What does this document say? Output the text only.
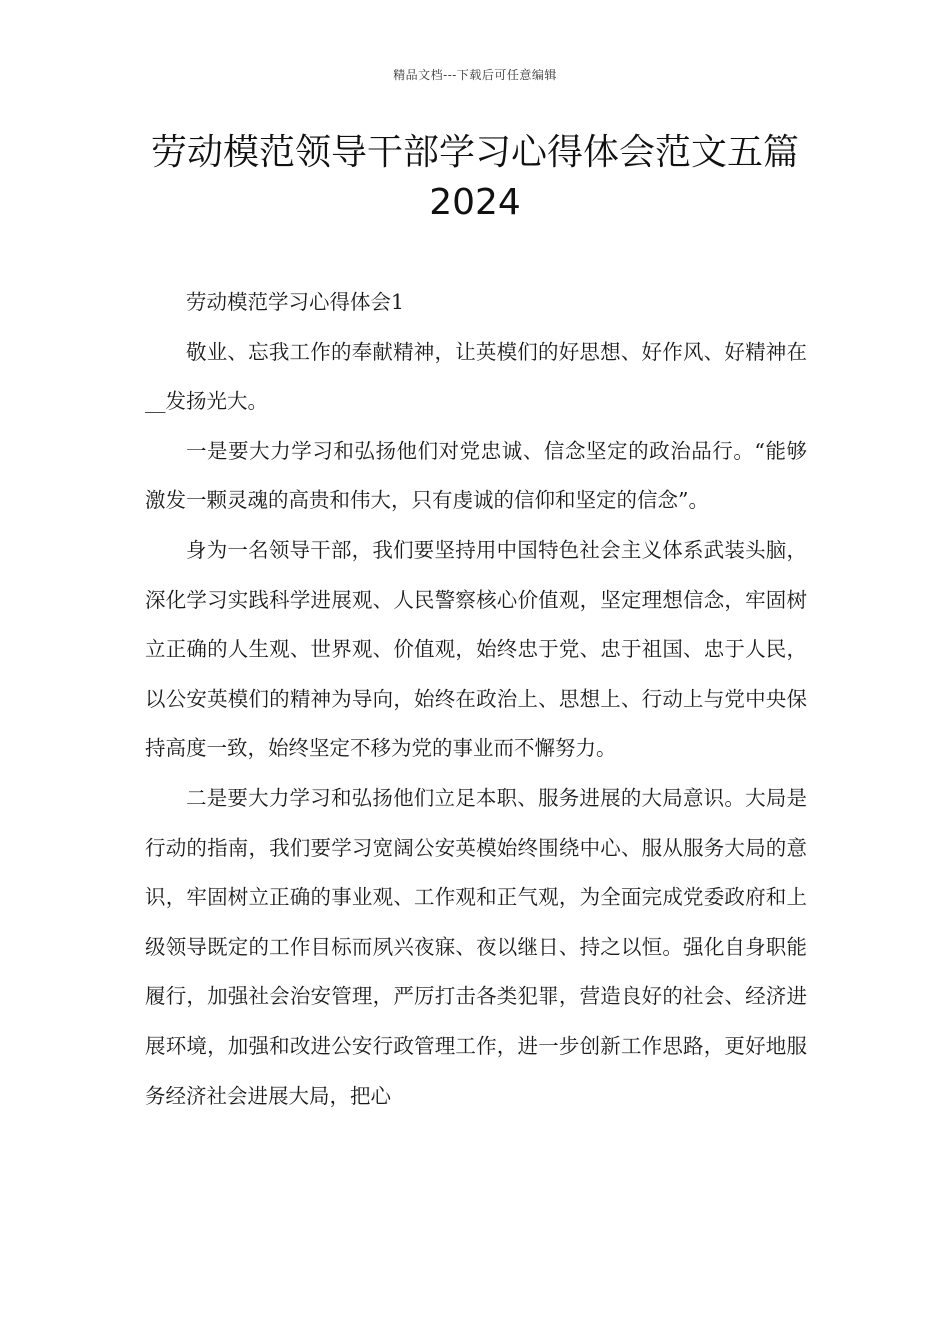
精品文档---下载后可任意编辑
劳动模范领导干部学习心得体会范文五篇2024

劳动模范学习心得体会1

敬业、忘我工作的奉献精神，让英模们的好思想、好作风、好精神在__发扬光大。

一是要大力学习和弘扬他们对党忠诚、信念坚定的政治品行。“能够激发一颗灵魂的高贵和伟大，只有虔诚的信仰和坚定的信念”。

身为一名领导干部，我们要坚持用中国特色社会主义体系武装头脑，深化学习实践科学进展观、人民警察核心价值观，坚定理想信念，牢固树立正确的人生观、世界观、价值观，始终忠于党、忠于祖国、忠于人民，以公安英模们的精神为导向，始终在政治上、思想上、行动上与党中央保持高度一致，始终坚定不移为党的事业而不懈努力。

二是要大力学习和弘扬他们立足本职、服务进展的大局意识。大局是行动的指南，我们要学习宽阔公安英模始终围绕中心、服从服务大局的意识，牢固树立正确的事业观、工作观和正气观，为全面完成党委政府和上级领导既定的工作目标而夙兴夜寐、夜以继日、持之以恒。强化自身职能履行，加强社会治安管理，严厉打击各类犯罪，营造良好的社会、经济进展环境，加强和改进公安行政管理工作，进一步创新工作思路，更好地服务经济社会进展大局，把心
